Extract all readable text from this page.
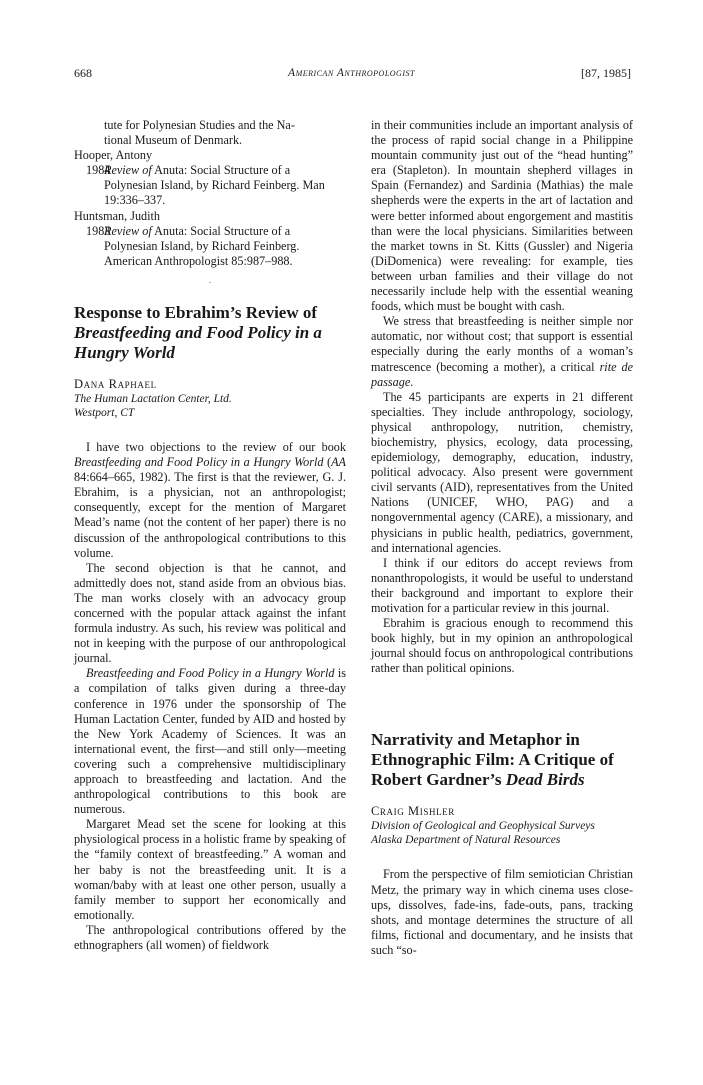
668	American Anthropologist	[87, 1985]

tute for Polynesian Studies and the Na-
tional Museum of Denmark.

Hooper, Antony

1984
Review of Anuta: Social Structure of a Polynesian Island, by Richard Feinberg. Man 19:336–337.

Huntsman, Judith

1983
Review of Anuta: Social Structure of a Polynesian Island, by Richard Feinberg. American Anthropologist 85:987–988.
·
Response to Ebrahim’s Review of Breastfeeding and Food Policy in a Hungry World

Dana Raphael

The Human Lactation Center, Ltd.

Westport, CT

I have two objections to the review of our book Breastfeeding and Food Policy in a Hungry World (AA 84:664–665, 1982). The first is that the reviewer, G. J. Ebrahim, is a physician, not an anthropologist; consequently, except for the mention of Margaret Mead’s name (not the content of her paper) there is no discussion of the anthropological contributions to this volume.

The second objection is that he cannot, and admittedly does not, stand aside from an obvious bias. The man works closely with an advocacy group concerned with the popular attack against the infant formula industry. As such, his review was political and not in keeping with the purpose of our anthropological journal.

Breastfeeding and Food Policy in a Hungry World is a compilation of talks given during a three-day conference in 1976 under the sponsorship of The Human Lactation Center, funded by AID and hosted by the New York Academy of Sciences. It was an international event, the first—and still only—meeting covering such a comprehensive multidisciplinary approach to breastfeeding and lactation. And the anthropological contributions to this book are numerous.

Margaret Mead set the scene for looking at this physiological process in a holistic frame by speaking of the “family context of breastfeeding.” A woman and her baby is not the breastfeeding unit. It is a woman/baby with at least one other person, usually a family member to support her economically and emotionally.

The anthropological contributions offered by the ethnographers (all women) of fieldwork

in their communities include an important analysis of the process of rapid social change in a Philippine mountain community just out of the “head hunting” era (Stapleton). In mountain shepherd villages in Spain (Fernandez) and Sardinia (Mathias) the male shepherds were the experts in the art of lactation and were better informed about engorgement and mastitis than were the local physicians. Similarities between the market towns in St. Kitts (Gussler) and Nigeria (DiDomenica) were revealing: for example, ties between urban families and their village do not necessarily include help with the essential weaning foods, which must be bought with cash.

We stress that breastfeeding is neither simple nor automatic, nor without cost; that support is essential especially during the early months of a woman’s matrescence (becoming a mother), a critical rite de passage.

The 45 participants are experts in 21 different specialties. They include anthropology, sociology, physical anthropology, nutrition, chemistry, biochemistry, physics, ecology, data processing, epidemiology, demography, education, industry, political advocacy. Also present were government civil servants (AID), representatives from the United Nations (UNICEF, WHO, PAG) and a nongovernmental agency (CARE), a missionary, and physicians in public health, pediatrics, government, and international agencies.

I think if our editors do accept reviews from nonanthropologists, it would be useful to understand their background and important to explore their motivation for a particular review in this journal.

Ebrahim is gracious enough to recommend this book highly, but in my opinion an anthropological journal should focus on anthropological contributions rather than political opinions.

Narrativity and Metaphor in Ethnographic Film: A Critique of Robert Gardner’s Dead Birds

Craig Mishler

Division of Geological and Geophysical Surveys

Alaska Department of Natural Resources

From the perspective of film semiotician Christian Metz, the primary way in which cinema uses close-ups, dissolves, fade-ins, fade-outs, pans, tracking shots, and montage determines the structure of all films, fictional and documentary, and he insists that such “so-
